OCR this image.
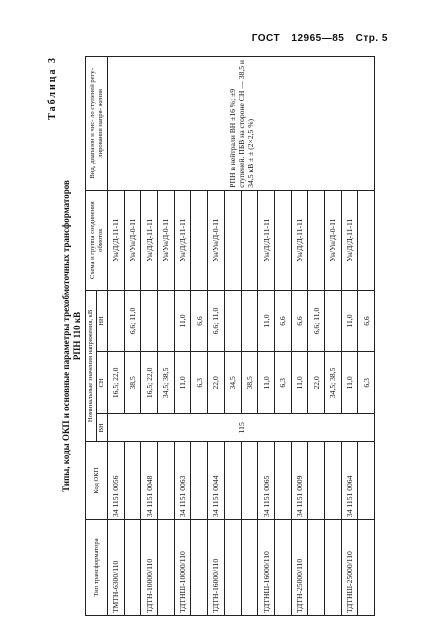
ГОСТ 12965—85 Стр. 5
Таблица 3
Типы, коды ОКП и основные параметры трехобмоточных трансформаторов РПН 110 кВ
Тип трансформатора	Код ОКП	Номинальные значения напряжения, кВ			Схема и группа соединения обмоток	Вид, диапазон и чис- ло ступеней регу- лирования напря- жения
		ВН	СН	НН		
ТМТН-6300/110	34 1151 0056	115	16,5; 22,0		Ун/Д/Д-11-11	РПН в нейтрали ВН ±16 %; ±9 ступеней. ПБВ на стороне СН — 38,5 и 34,5 кВ ± ± (2×2,5 %)
			38,5	6,6; 11,0	Ун/Ун/Д-0-11	
ТДТН-10000/110	34 1151 0048		16,5; 22,0		Ун/Д/Д-11-11	
			34,5; 38,5		Ун/Ун/Д-0-11	
ТДТНШ-10000/110	34 1151 0063		11,0	11,0	Ун/Д/Д-11-11	
			6,3	6,6		
ТДТН-16000/110	34 1151 0044		22,0	6,6; 11,0	Ун/Ун/Д-0-11	
			34,5			
			38,5			
ТДТНШ-16000/110	34 1151 0065		11,0	11,0	Ун/Д/Д-11-11	
			6,3	6,6		
ТДТН-25000/110	34 1151 0009		11,0	6,6	Ун/Д/Д-11-11	
			22,0	6,6; 11,0		
			34,5; 38,5		Ун/Ун/Д-0-11	
ТДТНШ-25000/110	34 1151 0064		11,0	11,0	Ун/Д/Д-11-11	
			6,3	6,6		
